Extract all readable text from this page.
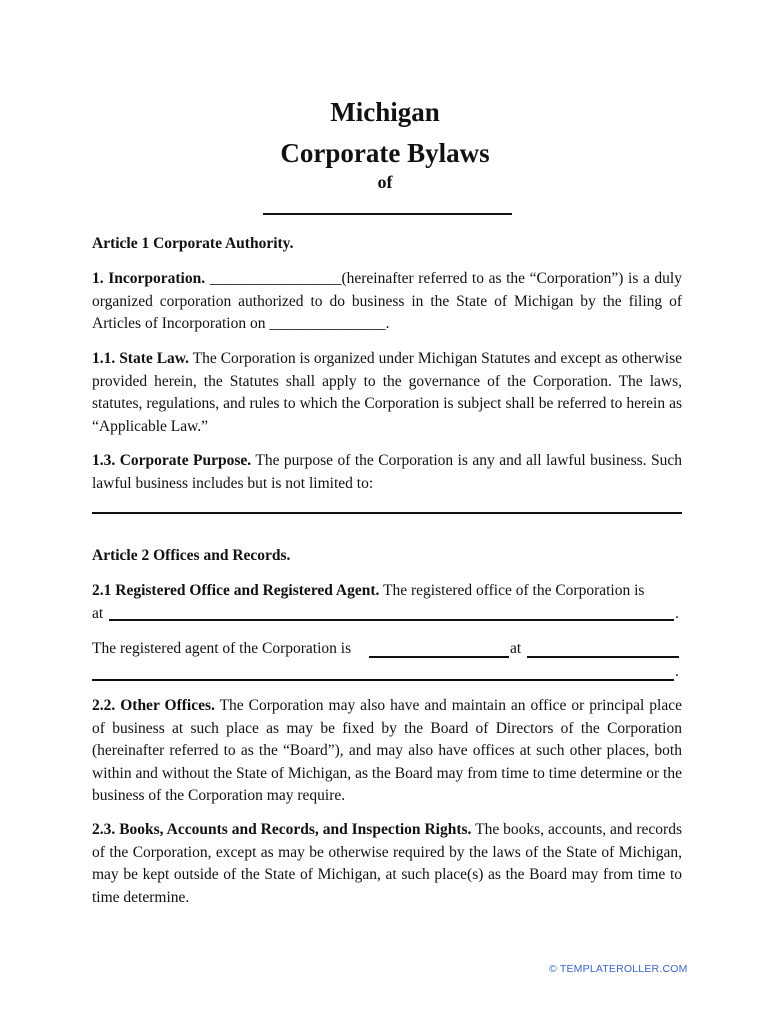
Michigan
Corporate Bylaws
of
Article 1 Corporate Authority.
1. Incorporation. _________________(hereinafter referred to as the “Corporation”) is a duly organized corporation authorized to do business in the State of Michigan by the filing of Articles of Incorporation on _______________.
1.1. State Law. The Corporation is organized under Michigan Statutes and except as otherwise provided herein, the Statutes shall apply to the governance of the Corporation. The laws, statutes, regulations, and rules to which the Corporation is subject shall be referred to herein as “Applicable Law.”
1.3. Corporate Purpose. The purpose of the Corporation is any and all lawful business. Such lawful business includes but is not limited to:
Article 2 Offices and Records.
2.1 Registered Office and Registered Agent. The registered office of the Corporation is
at	.
The registered agent of the Corporation is	at
.
2.2. Other Offices. The Corporation may also have and maintain an office or principal place of business at such place as may be fixed by the Board of Directors of the Corporation (hereinafter referred to as the “Board”), and may also have offices at such other places, both within and without the State of Michigan, as the Board may from time to time determine or the business of the Corporation may require.
2.3. Books, Accounts and Records, and Inspection Rights. The books, accounts, and records of the Corporation, except as may be otherwise required by the laws of the State of Michigan, may be kept outside of the State of Michigan, at such place(s) as the Board may from time to time determine.
© TEMPLATEROLLER.COM
